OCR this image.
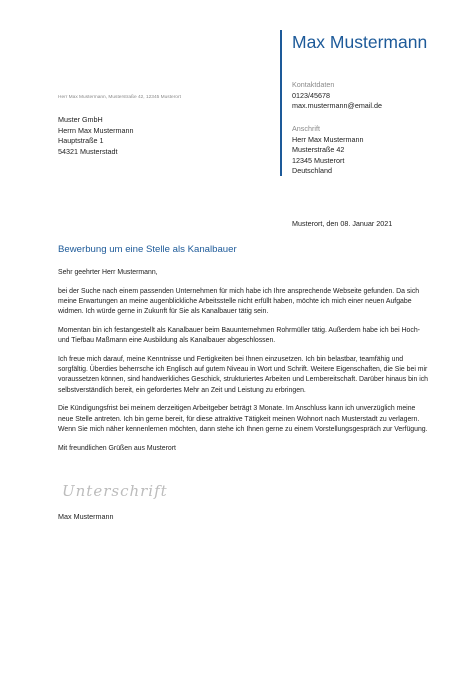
Max Mustermann
Kontaktdaten
0123/45678
max.mustermann@email.de
Anschrift
Herr Max Mustermann
Musterstraße 42
12345 Musterort
Deutschland
Herr Max Mustermann, Musterstraße 42, 12345 Musterort
Muster GmbH
Herrn Max Mustermann
Hauptstraße 1
54321 Musterstadt
Musterort, den 08. Januar 2021
Bewerbung um eine Stelle als Kanalbauer

Sehr geehrter Herr Mustermann,

bei der Suche nach einem passenden Unternehmen für mich habe ich Ihre ansprechende Webseite gefunden. Da sich meine Erwartungen an meine augenblickliche Arbeitsstelle nicht erfüllt haben, möchte ich mich einer neuen Aufgabe widmen. Ich würde gerne in Zukunft für Sie als Kanalbauer tätig sein.

Momentan bin ich festangestellt als Kanalbauer beim Bauunternehmen Rohrmüller tätig. Außerdem habe ich bei Hoch- und Tiefbau Maßmann eine Ausbildung als Kanalbauer abgeschlossen.

Ich freue mich darauf, meine Kenntnisse und Fertigkeiten bei Ihnen einzusetzen. Ich bin belastbar, teamfähig und sorgfältig. Überdies beherrsche ich Englisch auf gutem Niveau in Wort und Schrift. Weitere Eigenschaften, die Sie bei mir voraussetzen können, sind handwerkliches Geschick, strukturiertes Arbeiten und Lernbereitschaft. Darüber hinaus bin ich selbstverständlich bereit, ein gefordertes Mehr an Zeit und Leistung zu erbringen.

Die Kündigungsfrist bei meinem derzeitigen Arbeitgeber beträgt 3 Monate. Im Anschluss kann ich unverzüglich meine neue Stelle antreten. Ich bin gerne bereit, für diese attraktive Tätigkeit meinen Wohnort nach Musterstadt zu verlagern. Wenn Sie mich näher kennenlernen möchten, dann stehe ich Ihnen gerne zu einem Vorstellungsgespräch zur Verfügung.

Mit freundlichen Grüßen aus Musterort

Unterschrift
Max Mustermann
